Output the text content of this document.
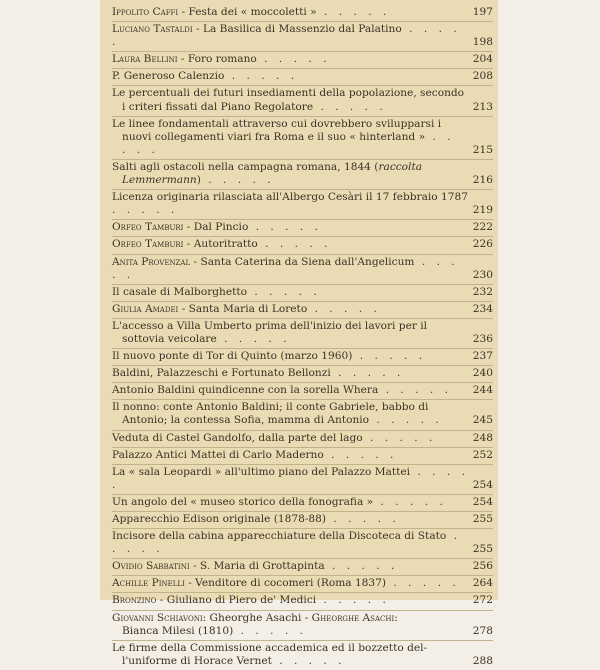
Ippolito Caffi - Festa dei « moccoletti » . .	197
Luciano Tastaldi - La Basilica di Massenzio dal Palatino . .
198
Laura Bellini - Foro romano . .	204
P. Generoso Calenzio . .	208
Le percentuali dei futuri insediamenti della popolazione, secondo
i criteri fissati dal Piano Regolatore . .	213
Le linee fondamentali attraverso cui dovrebbero svilupparsi i
nuovi collegamenti viari fra Roma e il suo « hinterland » . .
215
Salti agli ostacoli nella campagna romana, 1844 (raccolta
Lemmermann) . .	216
Licenza originaria rilasciata all'Albergo Cesàri il 17 febbraio 1787 . .
219
Orfeo Tamburi - Dal Pincio . .	222
Orfeo Tamburi - Autoritratto . .	226
Anita Provenzal - Santa Caterina da Siena dall'Angelicum . .
230
Il casale di Malborghetto . .	232
Giulia Amadei - Santa Maria di Loreto . .	234
L'accesso a Villa Umberto prima dell'inizio dei lavori per il
sottovia veicolare . .	236
Il nuovo ponte di Tor di Quinto (marzo 1960) . .	237
Baldini, Palazzeschi e Fortunato Bellonzi . .	240
Antonio Baldini quindicenne con la sorella Whera . .	244
Il nonno: conte Antonio Baldini; il conte Gabriele, babbo di
Antonio; la contessa Sofia, mamma di Antonio . .	245
Veduta di Castel Gandolfo, dalla parte del lago . .	248
Palazzo Antici Mattei di Carlo Maderno . .	252
La « sala Leopardi » all'ultimo piano del Palazzo Mattei . .
254
Un angolo del « museo storico della fonografia » . .	254
Apparecchio Edison originale (1878-88) . .	255
Incisore della cabina apparecchiature della Discoteca di Stato . .
255
Ovidio Sabbatini - S. Maria di Grottapinta . .	256
Achille Pinelli - Venditore di cocomeri (Roma 1837) . .	264
Bronzino - Giuliano di Piero de' Medici . .	272
Giovanni Schiavoni: Gheorghe Asachi - Gheorghe Asachi:
Bianca Milesi (1810) . .	278
Le firme della Commissione accademica ed il bozzetto del-
l'uniforme di Horace Vernet . .	288
